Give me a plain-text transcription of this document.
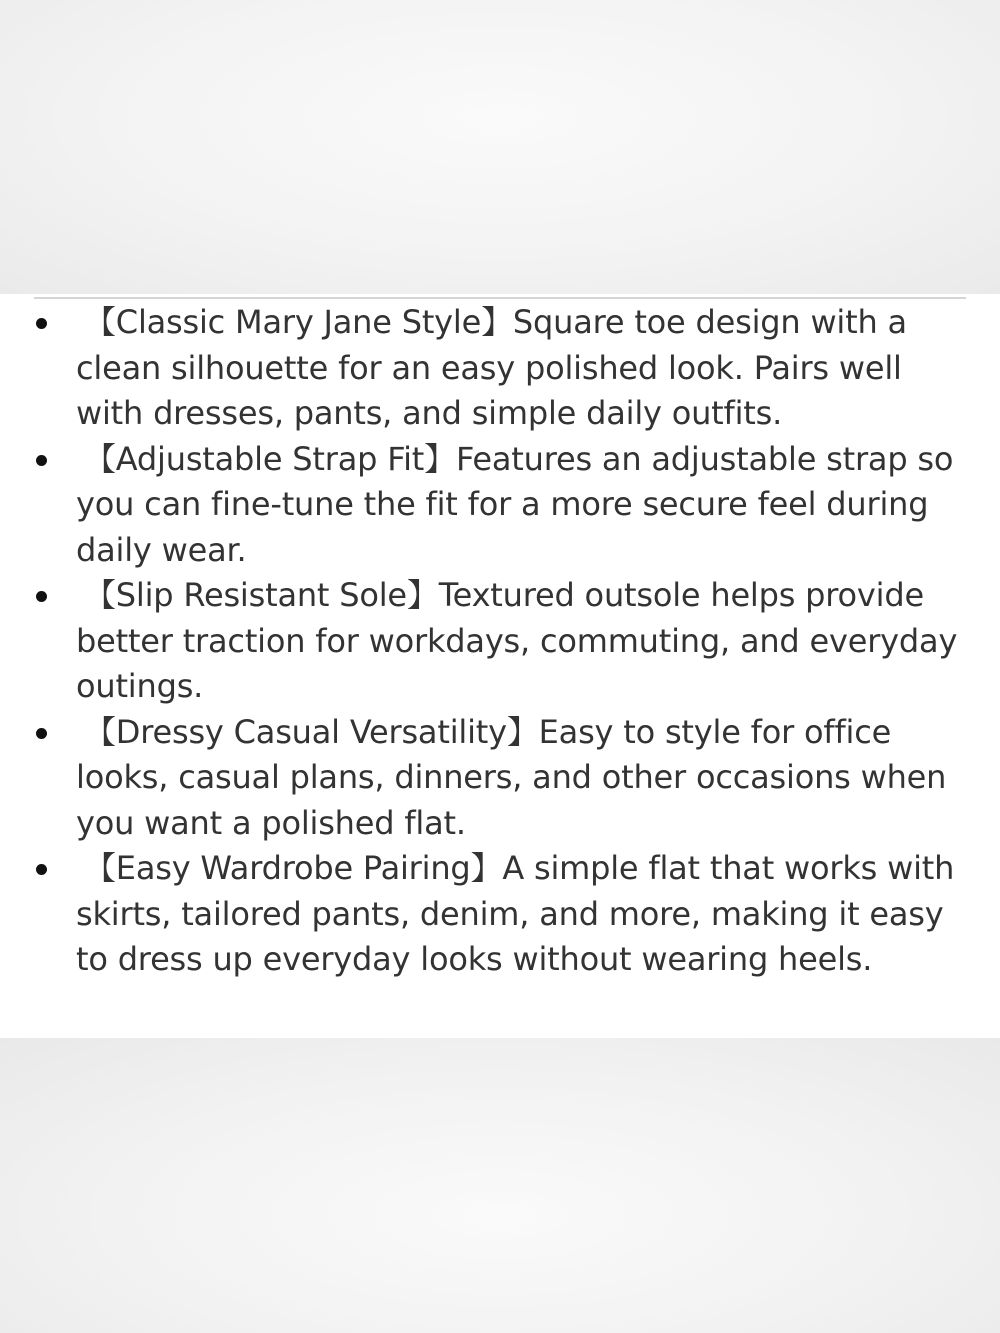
【Classic Mary Jane Style】Square toe design with a clean silhouette for an easy polished look. Pairs well with dresses, pants, and simple daily outfits.
【Adjustable Strap Fit】Features an adjustable strap so you can fine-tune the fit for a more secure feel during daily wear.
【Slip Resistant Sole】Textured outsole helps provide better traction for workdays, commuting, and everyday outings.
【Dressy Casual Versatility】Easy to style for office looks, casual plans, dinners, and other occasions when you want a polished flat.
【Easy Wardrobe Pairing】A simple flat that works with skirts, tailored pants, denim, and more, making it easy to dress up everyday looks without wearing heels.
